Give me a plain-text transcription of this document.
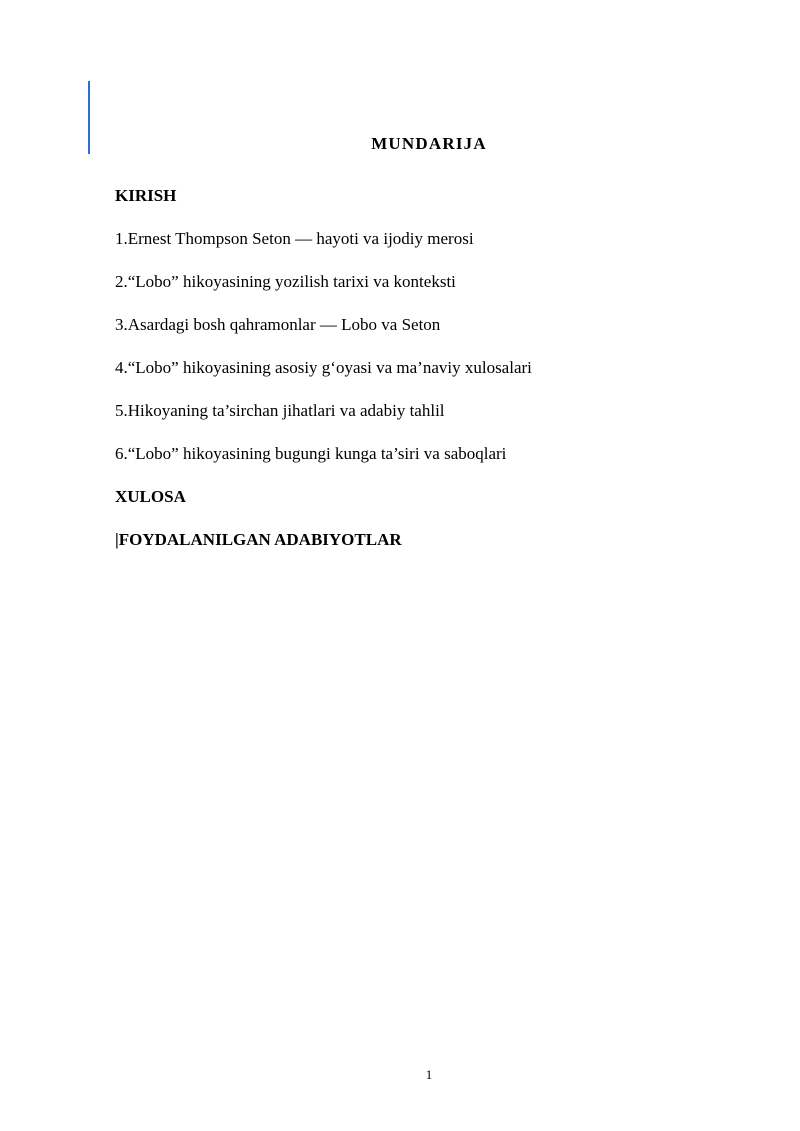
MUNDARIJA
KIRISH
1.Ernest Thompson Seton — hayoti va ijodiy merosi
2.“Lobo” hikoyasining yozilish tarixi va konteksti
3.Asardagi bosh qahramonlar — Lobo va Seton
4.“Lobo” hikoyasining asosiy g‘oyasi va ma’naviy xulosalari
5.Hikoyaning ta’sirchan jihatlari va adabiy tahlil
6.“Lobo” hikoyasining bugungi kunga ta’siri va saboqlari
XULOSA
|FOYDALANILGAN ADABIYOTLAR
1
